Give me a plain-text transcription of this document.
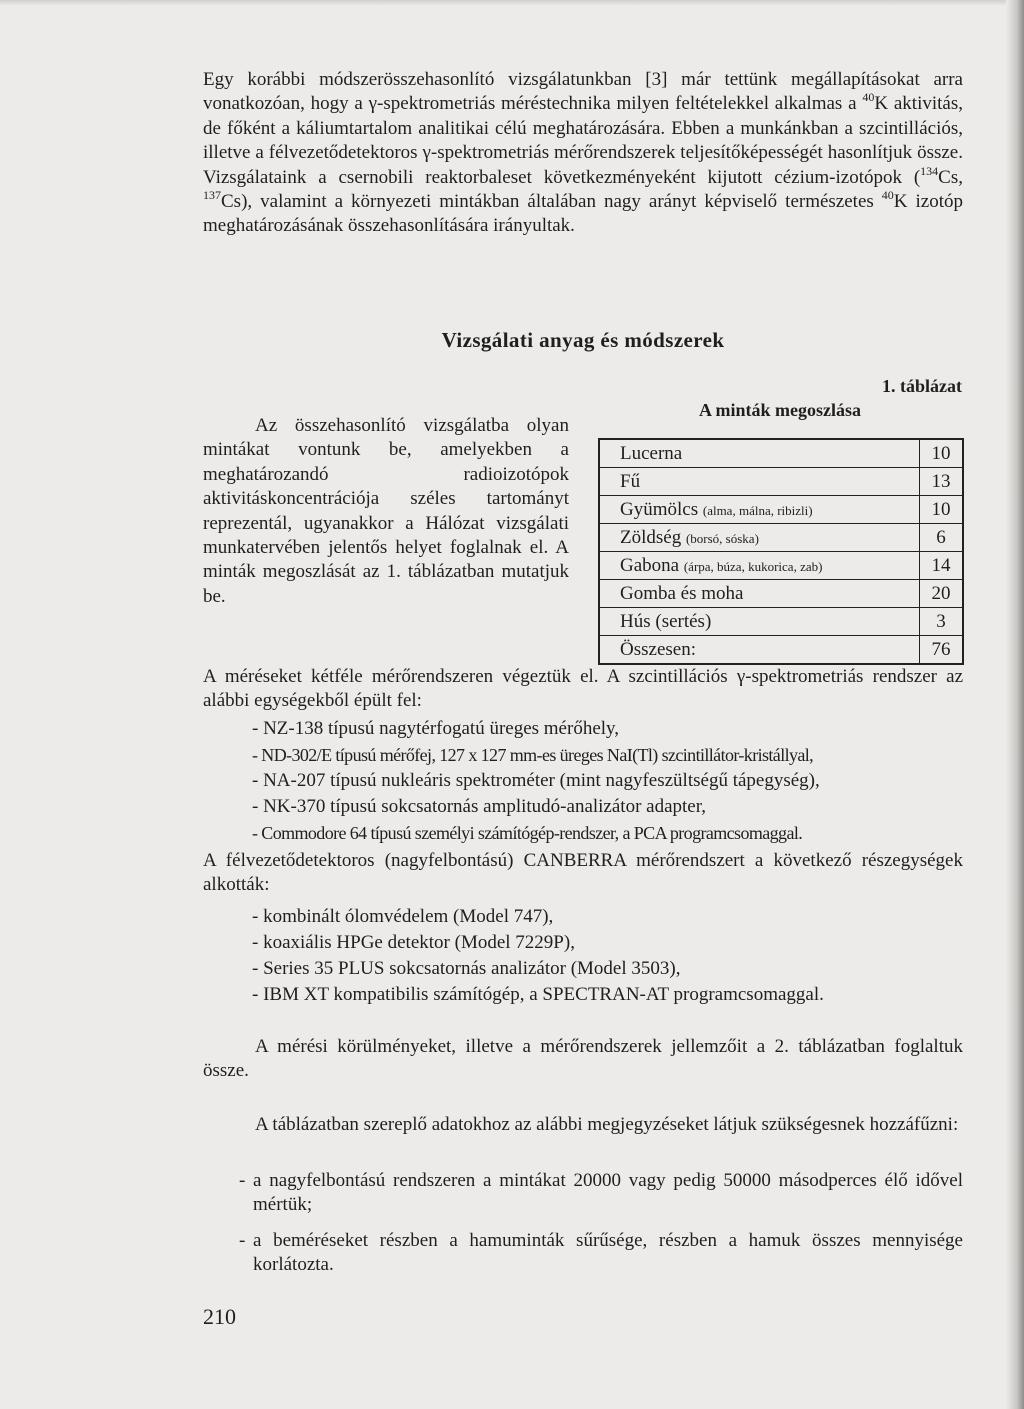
Egy korábbi módszerösszehasonlító vizsgálatunkban [3] már tettünk megállapításokat arra vonatkozóan, hogy a γ-spektrometriás méréstechnika milyen feltételekkel alkalmas a $^{40}$K aktivitás, de főként a káliumtartalom analitikai célú meghatározására. Ebben a munkánkban a szcintillációs, illetve a félvezetődetektoros γ-spektrometriás mérőrendszerek teljesítőképességét hasonlítjuk össze. Vizsgálataink a csernobili reaktorbaleset következményeként kijutott cézium-izotópok ($^{134}$Cs, $^{137}$Cs), valamint a környezeti mintákban általában nagy arányt képviselő természetes $^{40}$K izotóp meghatározásának összehasonlítására irányultak.

Vizsgálati anyag és módszerek

Az összehasonlító vizsgálatba olyan mintákat vontunk be, amelyekben a meghatározandó radioizotópok aktivitáskoncentrációja széles tartományt reprezentál, ugyanakkor a Hálózat vizsgálati munkatervében jelentős helyet foglalnak el. A minták megoszlását az 1. táblázatban mutatjuk be.

1. táblázat
A minták megoszlása
Lucerna	10
Fű	13
Gyümölcs (alma, málna, ribizli)	10
Zöldség (borsó, sóska)	6
Gabona (árpa, búza, kukorica, zab)	14
Gomba és moha	20
Hús (sertés)	3
Összesen:	76

A méréseket kétféle mérőrendszeren végeztük el. A szcintillációs γ-spektrometriás rendszer az alábbi egységekből épült fel:

- NZ-138 típusú nagytérfogatú üreges mérőhely,
- ND-302/E típusú mérőfej, 127 x 127 mm-es üreges NaI(Tl) szcintillátor-kristállyal,
- NA-207 típusú nukleáris spektrométer (mint nagyfeszültségű tápegység),
- NK-370 típusú sokcsatornás amplitudó-analizátor adapter,
- Commodore 64 típusú személyi számítógép-rendszer, a PCA programcsomaggal.

A félvezetődetektoros (nagyfelbontású) CANBERRA mérőrendszert a következő részegységek alkották:

- kombinált ólomvédelem (Model 747),
- koaxiális HPGe detektor (Model 7229P),
- Series 35 PLUS sokcsatornás analizátor (Model 3503),
- IBM XT kompatibilis számítógép, a SPECTRAN-AT programcsomaggal.

A mérési körülményeket, illetve a mérőrendszerek jellemzőit a 2. táblázatban foglaltuk össze.

A táblázatban szereplő adatokhoz az alábbi megjegyzéseket látjuk szükségesnek hozzáfűzni:

- a nagyfelbontású rendszeren a mintákat 20000 vagy pedig 50000 másodperces élő idővel mértük;

- a beméréseket részben a hamuminták sűrűsége, részben a hamuk összes mennyisége korlátozta.

210
